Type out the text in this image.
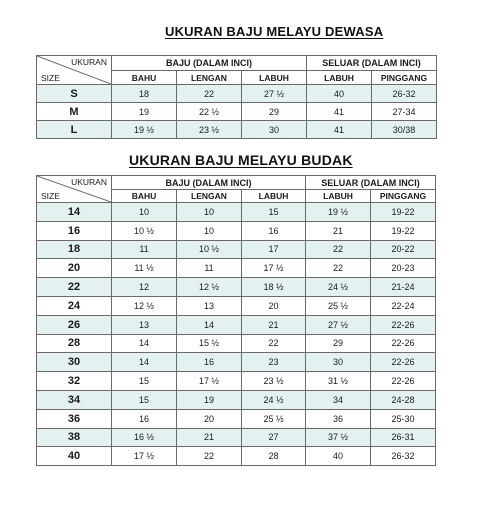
UKURAN BAJU MELAYU DEWASA
UKURAN
SIZE	BAJU (DALAM INCI)			SELUAR (DALAM INCI)	
	BAHU	LENGAN	LABUH	LABUH	PINGGANG
S	18	22	27 ½	40	26-32
M	19	22 ½	29	41	27-34
L	19 ½	23 ½	30	41	30/38
UKURAN BAJU MELAYU BUDAK
UKURAN
SIZE	BAJU (DALAM INCI)			SELUAR (DALAM INCI)	
	BAHU	LENGAN	LABUH	LABUH	PINGGANG
14	10	10	15	19 ½	19-22
16	10 ½	10	16	21	19-22
18	11	10 ½	17	22	20-22
20	11 ½	11	17 ½	22	20-23
22	12	12 ½	18 ½	24 ½	21-24
24	12 ½	13	20	25 ½	22-24
26	13	14	21	27 ½	22-26
28	14	15 ½	22	29	22-26
30	14	16	23	30	22-26
32	15	17 ½	23 ½	31 ½	22-26
34	15	19	24 ½	34	24-28
36	16	20	25 ½	36	25-30
38	16 ½	21	27	37 ½	26-31
40	17 ½	22	28	40	26-32
